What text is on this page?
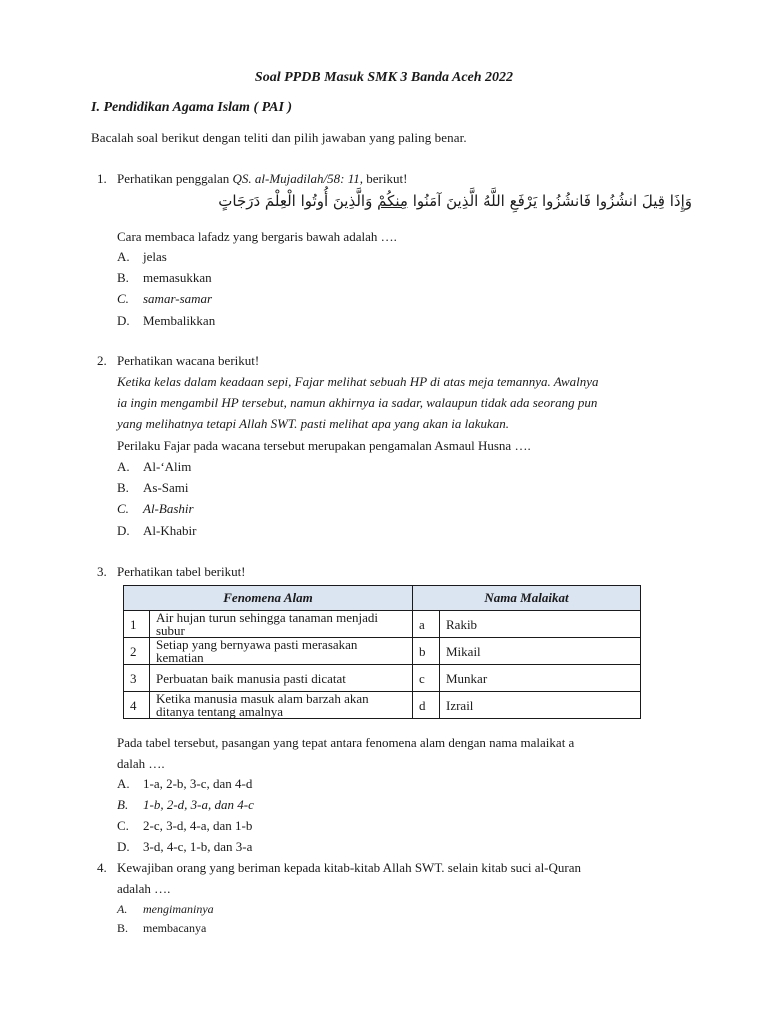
Soal PPDB Masuk SMK 3 Banda Aceh 2022
I. Pendidikan Agama Islam ( PAI )
Bacalah soal berikut dengan teliti dan pilih jawaban yang paling benar.
1. Perhatikan penggalan QS. al-Mujadilah/58: 11, berikut!
وَإِذَا قِيلَ انشُزُوا فَانشُزُوا يَرْفَعِ اللَّهُ الَّذِينَ آمَنُوا مِنكُمْ وَالَّذِينَ أُوتُوا الْعِلْمَ دَرَجَاتٍ
Cara membaca lafadz yang bergaris bawah adalah ….
A. jelas
B. memasukkan
C. samar-samar
D. Membalikkan
2. Perhatikan wacana berikut!
Ketika kelas dalam keadaan sepi, Fajar melihat sebuah HP di atas meja temannya. Awalnya
ia ingin mengambil HP tersebut, namun akhirnya ia sadar, walaupun tidak ada seorang pun
yang melihatnya tetapi Allah SWT. pasti melihat apa yang akan ia lakukan.
Perilaku Fajar pada wacana tersebut merupakan pengamalan Asmaul Husna ….
A. Al-‘Alim
B. As-Sami
C. Al-Bashir
D. Al-Khabir
3. Perhatikan tabel berikut!
Fenomena Alam		Nama Malaikat	
1	Air hujan turun sehingga tanaman menjadi subur	a	Rakib
2	Setiap yang bernyawa pasti merasakan kematian	b	Mikail
3	Perbuatan baik manusia pasti dicatat	c	Munkar
4	Ketika manusia masuk alam barzah akan ditanya tentang amalnya	d	Izrail
Pada tabel tersebut, pasangan yang tepat antara fenomena alam dengan nama malaikat a
dalah ….
A. 1-a, 2-b, 3-c, dan 4-d
B. 1-b, 2-d, 3-a, dan 4-c
C. 2-c, 3-d, 4-a, dan 1-b
D. 3-d, 4-c, 1-b, dan 3-a
4. Kewajiban orang yang beriman kepada kitab-kitab Allah SWT. selain kitab suci al-Quran
adalah ….
A. mengimaninya
B. membacanya
